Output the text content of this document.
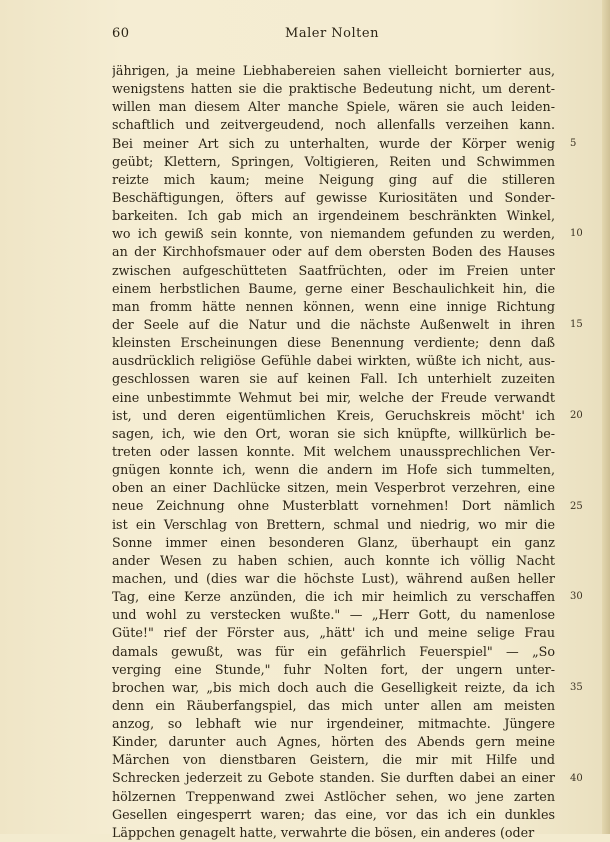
60	Maler Nolten
jährigen, ja meine Liebhabereien sahen vielleicht bornierter aus,
wenigstens hatten sie die praktische Bedeutung nicht, um derent-
willen man diesem Alter manche Spiele, wären sie auch leiden-
schaftlich und zeitvergeudend, noch allenfalls verzeihen kann.
Bei meiner Art sich zu unterhalten, wurde der Körper wenig
geübt; Klettern, Springen, Voltigieren, Reiten und Schwimmen
reizte mich kaum; meine Neigung ging auf die stilleren
Beschäftigungen, öfters auf gewisse Kuriositäten und Sonder-
barkeiten. Ich gab mich an irgendeinem beschränkten Winkel,
wo ich gewiß sein konnte, von niemandem gefunden zu werden,
an der Kirchhofsmauer oder auf dem obersten Boden des Hauses
zwischen aufgeschütteten Saatfrüchten, oder im Freien unter
einem herbstlichen Baume, gerne einer Beschaulichkeit hin, die
man fromm hätte nennen können, wenn eine innige Richtung
der Seele auf die Natur und die nächste Außenwelt in ihren
kleinsten Erscheinungen diese Benennung verdiente; denn daß
ausdrücklich religiöse Gefühle dabei wirkten, wüßte ich nicht, aus-
geschlossen waren sie auf keinen Fall. Ich unterhielt zuzeiten
eine unbestimmte Wehmut bei mir, welche der Freude verwandt
ist, und deren eigentümlichen Kreis, Geruchskreis möcht' ich
sagen, ich, wie den Ort, woran sie sich knüpfte, willkürlich be-
treten oder lassen konnte. Mit welchem unaussprechlichen Ver-
gnügen konnte ich, wenn die andern im Hofe sich tummelten,
oben an einer Dachlücke sitzen, mein Vesperbrot verzehren, eine
neue Zeichnung ohne Musterblatt vornehmen! Dort nämlich
ist ein Verschlag von Brettern, schmal und niedrig, wo mir die
Sonne immer einen besonderen Glanz, überhaupt ein ganz
ander Wesen zu haben schien, auch konnte ich völlig Nacht
machen, und (dies war die höchste Lust), während außen heller
Tag, eine Kerze anzünden, die ich mir heimlich zu verschaffen
und wohl zu verstecken wußte." — „Herr Gott, du namenlose
Güte!" rief der Förster aus, „hätt' ich und meine selige Frau
damals gewußt, was für ein gefährlich Feuerspiel" — „So
verging eine Stunde," fuhr Nolten fort, der ungern unter-
brochen war, „bis mich doch auch die Geselligkeit reizte, da ich
denn ein Räuberfangspiel, das mich unter allen am meisten
anzog, so lebhaft wie nur irgendeiner, mitmachte. Jüngere
Kinder, darunter auch Agnes, hörten des Abends gern meine
Märchen von dienstbaren Geistern, die mir mit Hilfe und
Schrecken jederzeit zu Gebote standen. Sie durften dabei an einer
hölzernen Treppenwand zwei Astlöcher sehen, wo jene zarten
Gesellen eingesperrt waren; das eine, vor das ich ein dunkles
Läppchen genagelt hatte, verwahrte die bösen, ein anderes (oder
5
10
15
20
25
30
35
40
